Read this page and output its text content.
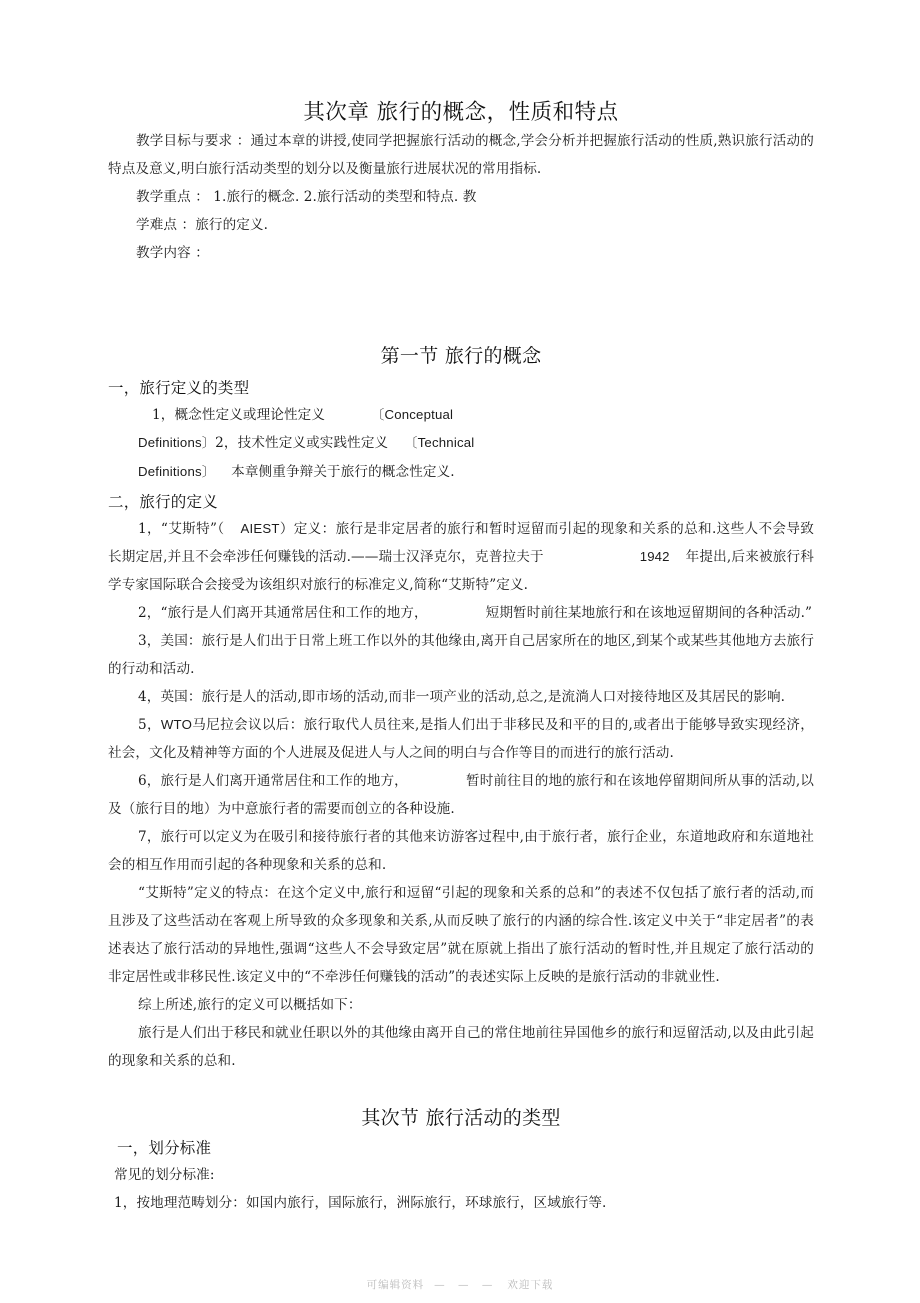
其次章 旅行的概念，性质和特点

教学目标与要求 ：通过本章的讲授,使同学把握旅行活动的概念,学会分析并把握旅行活动的性质,熟识旅行活动的特点及意义,明白旅行活动类型的划分以及衡量旅行进展状况的常用指标.

教学重点 ： 1.旅行的概念. 2.旅行活动的类型和特点. 教

学难点 ：旅行的定义.

教学内容 ：

第一节 旅行的概念
一，旅行定义的类型

1，概念性定义或理论性定义	〔Conceptual

Definitions〕2，技术性定义或实践性定义 〔Technical

Definitions〕 本章侧重争辩关于旅行的概念性定义.

二，旅行的定义

1，“艾斯特”（ AIEST）定义：旅行是非定居者的旅行和暂时逗留而引起的现象和关系的总和.这些人不会导致长期定居,并且不会牵涉任何赚钱的活动.——瑞士汉泽克尔，克普拉夫于	1942 年提出,后来被旅行科学专家国际联合会接受为该组织对旅行的标准定义,简称“艾斯特”定义.

2，“旅行是人们离开其通常居住和工作的地方，	短期暂时前往某地旅行和在该地逗留期间的各种活动.”

3，美国：旅行是人们出于日常上班工作以外的其他缘由,离开自己居家所在的地区,到某个或某些其他地方去旅行的行动和活动.

4，英国：旅行是人的活动,即市场的活动,而非一项产业的活动,总之,是流淌人口对接待地区及其居民的影响.

5，WTO马尼拉会议以后：旅行取代人员往来,是指人们出于非移民及和平的目的,或者出于能够导致实现经济，社会，文化及精神等方面的个人进展及促进人与人之间的明白与合作等目的而进行的旅行活动.

6，旅行是人们离开通常居住和工作的地方，	暂时前往目的地的旅行和在该地停留期间所从事的活动,以及（旅行目的地）为中意旅行者的需要而创立的各种设施.

7，旅行可以定义为在吸引和接待旅行者的其他来访游客过程中,由于旅行者，旅行企业，东道地政府和东道地社会的相互作用而引起的各种现象和关系的总和.

“艾斯特”定义的特点：在这个定义中,旅行和逗留“引起的现象和关系的总和”的表述不仅包括了旅行者的活动,而且涉及了这些活动在客观上所导致的众多现象和关系,从而反映了旅行的内涵的综合性.该定义中关于“非定居者”的表述表达了旅行活动的异地性,强调“这些人不会导致定居”就在原就上指出了旅行活动的暂时性,并且规定了旅行活动的非定居性或非移民性.该定义中的“不牵涉任何赚钱的活动”的表述实际上反映的是旅行活动的非就业性.

综上所述,旅行的定义可以概括如下：

旅行是人们出于移民和就业任职以外的其他缘由离开自己的常住地前往异国他乡的旅行和逗留活动,以及由此引起的现象和关系的总和.

其次节 旅行活动的类型
一，划分标准

常见的划分标准:

1，按地理范畴划分：如国内旅行，国际旅行，洲际旅行，环球旅行，区域旅行等.

可编辑资料 — — — 欢迎下载
